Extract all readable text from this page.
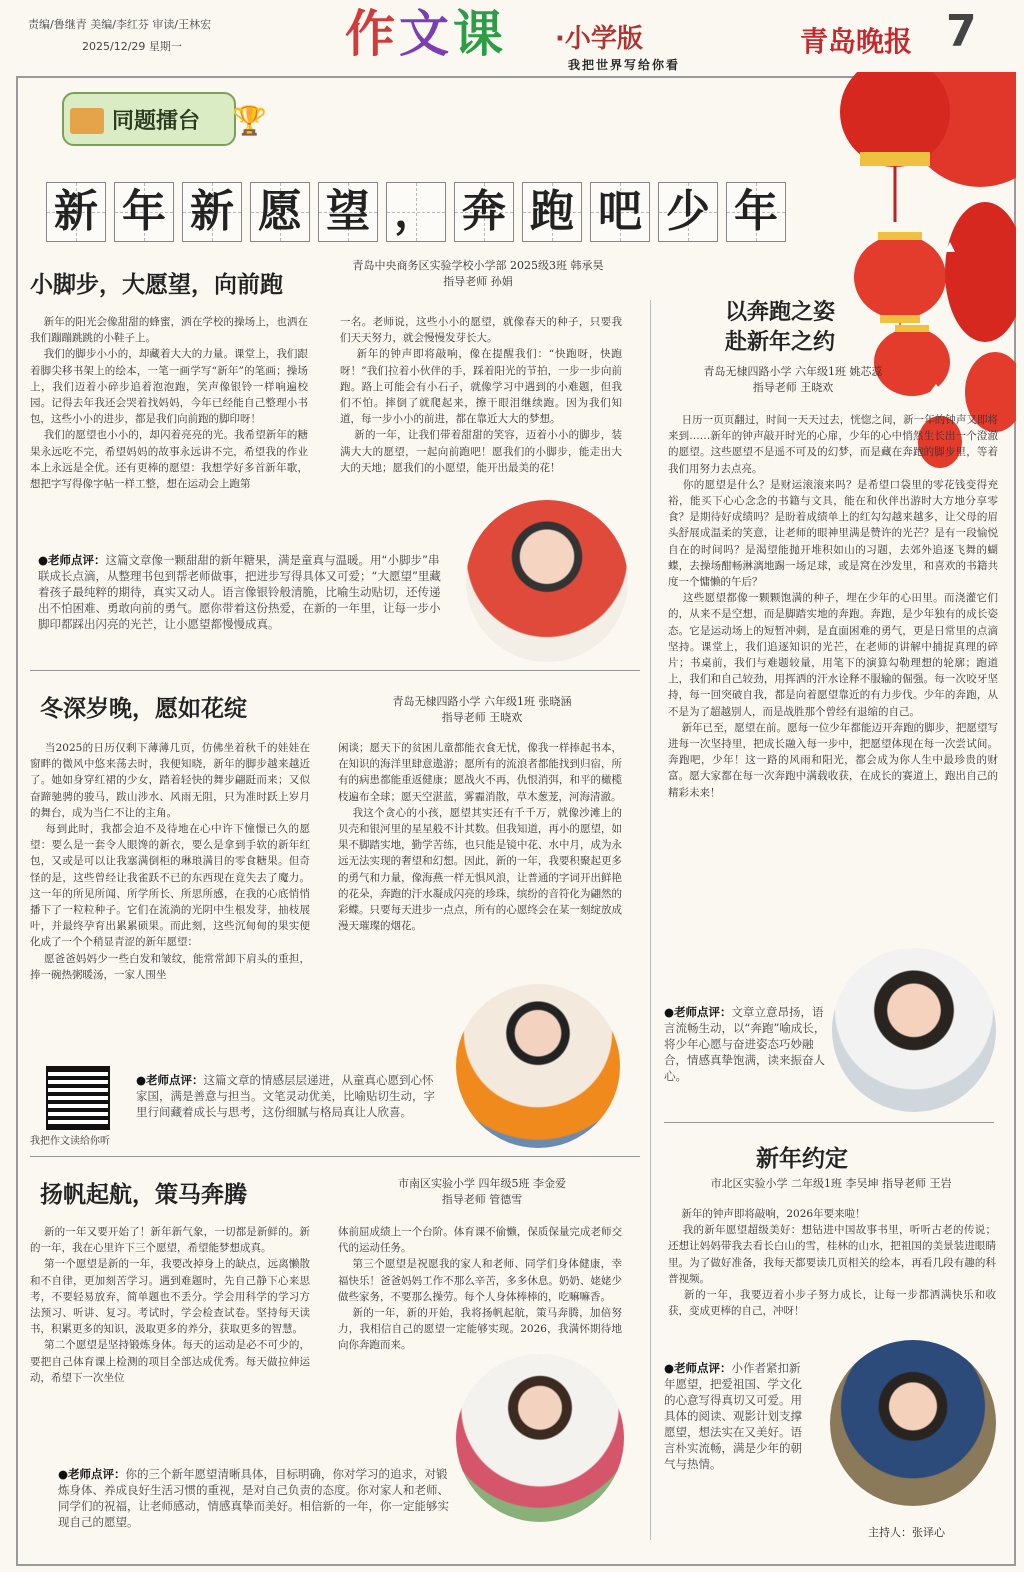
责编/鲁继青 美编/李红芬 审读/王林宏
2025/12/29 星期一	作文课 ·小学版
我把世界写给你看
青岛晚报 7
同题擂台 🏆
新 年 新 愿 望 ， 奔 跑 吧 少 年
小脚步，大愿望，向前跑
青岛中央商务区实验学校小学部 2025级3班 韩承昊
指导老师 孙娟
新年的阳光会像甜甜的蜂蜜，洒在学校的操场上，也洒在我们蹦蹦跳跳的小鞋子上。
我们的脚步小小的，却藏着大大的力量。课堂上，我们跟着脚尖移书架上的绘本，一笔一画学写“新年”的笔画；操场上，我们迈着小碎步追着泡泡跑，笑声像银铃一样响遍校园。记得去年我还会哭着找妈妈，今年已经能自己整理小书包，这些小小的进步，都是我们向前跑的脚印呀！
我们的愿望也小小的，却闪着亮亮的光。我希望新年的糖果永远吃不完，希望妈妈的故事永远讲不完，希望我的作业本上永远是全优。还有更棒的愿望：我想学好多首新年歌，想把字写得像字帖一样工整，想在运动会上跑第
一名。老师说，这些小小的愿望，就像春天的种子，只要我们天天努力，就会慢慢发芽长大。
新年的钟声即将敲响，像在提醒我们：“快跑呀，快跑呀！”我们拉着小伙伴的手，踩着阳光的节拍，一步一步向前跑。路上可能会有小石子，就像学习中遇到的小难题，但我们不怕。摔倒了就爬起来，擦干眼泪继续跑。因为我们知道，每一步小小的前进，都在靠近大大的梦想。
新的一年，让我们带着甜甜的笑容，迈着小小的脚步，装满大大的愿望，一起向前跑吧！愿我们的小脚步，能走出大大的天地；愿我们的小愿望，能开出最美的花！
●老师点评：这篇文章像一颗甜甜的新年糖果，满是童真与温暖。用“小脚步”串联成长点滴，从整理书包到帮老师做事，把进步写得具体又可爱；“大愿望”里藏着孩子最纯粹的期待，真实又动人。语言像银铃般清脆，比喻生动贴切，还传递出不怕困难、勇敢向前的勇气。愿你带着这份热爱，在新的一年里，让每一步小脚印都踩出闪亮的光芒，让小愿望都慢慢成真。
冬深岁晚，愿如花绽	青岛无棣四路小学 六年级1班 张晓涵
指导老师 王晓欢
当2025的日历仅剩下薄薄几页，仿佛坐着秋千的娃娃在窗畔的微风中悠来荡去时，我便知晓，新年的脚步越来越近了。她如身穿红裙的少女，踏着轻快的舞步翩跹而来；又似奋蹄驰骋的骏马，跋山涉水、风雨无阻，只为准时跃上岁月的舞台，成为当仁不让的主角。
每到此时，我都会迫不及待地在心中许下憧憬已久的愿望：要么是一套令人眼馋的新衣，要么是拿到手软的新年红包，又或是可以让我塞满倒柜的琳琅满目的零食糖果。但奇怪的是，这些曾经让我雀跃不已的东西现在竟失去了魔力。这一年的所见所闻、所学所长、所思所感，在我的心底悄悄播下了一粒粒种子。它们在流淌的光阴中生根发芽，抽枝展叶，并最终孕育出累累硕果。而此刻，这些沉甸甸的果实便化成了一个个稍显青涩的新年愿望：
愿爸爸妈妈少一些白发和皱纹，能常常卸下肩头的重担，捧一碗热粥暖汤，一家人围坐
闲谈；愿天下的贫困儿童都能衣食无忧，像我一样捧起书本，在知识的海洋里肆意遨游；愿所有的流浪者都能找到归宿，所有的病患都能重返健康；愿战火不再，仇恨消弭，和平的橄榄枝遍布全球；愿天空湛蓝，雾霾消散，草木葱茏，河海清澈。
我这个贪心的小孩，愿望其实还有千千万，就像沙滩上的贝壳和银河里的星星般不计其数。但我知道，再小的愿望，如果不脚踏实地，勤学苦练，也只能是镜中花、水中月，成为永远无法实现的奢望和幻想。因此，新的一年，我要积聚起更多的勇气和力量，像海燕一样无惧风浪，让普通的字词开出鲜艳的花朵，奔跑的汗水凝成闪亮的珍珠，缤纷的音符化为翩然的彩蝶。只要每天进步一点点，所有的心愿终会在某一刻绽放成漫天璀璨的烟花。
我把作文读给你听
●老师点评：这篇文章的情感层层递进，从童真心愿到心怀家国，满是善意与担当。文笔灵动优美，比喻贴切生动，字里行间藏着成长与思考，这份细腻与格局真让人欣喜。
扬帆起航，策马奔腾	市南区实验小学 四年级5班 李金爱
指导老师 管德雪
新的一年又要开始了！新年新气象，一切都是新鲜的。新的一年，我在心里许下三个愿望，希望能梦想成真。
第一个愿望是新的一年，我要改掉身上的缺点，远离懒散和不自律，更加刻苦学习。遇到难题时，先自己静下心来思考，不要轻易放弃，简单题也不丢分。学会用科学的学习方法预习、听讲、复习。考试时，学会检查试卷。坚持每天读书，积累更多的知识，汲取更多的养分，获取更多的智慧。
第二个愿望是坚持锻炼身体。每天的运动是必不可少的，要把自己体育课上检测的项目全部达成优秀。每天做拉伸运动，希望下一次坐位
体前屈成绩上一个台阶。体育课不偷懒，保质保量完成老师交代的运动任务。
第三个愿望是祝愿我的家人和老师、同学们身体健康，幸福快乐！爸爸妈妈工作不那么辛苦，多多休息。奶奶、姥姥少做些家务，不要那么操劳。每个人身体棒棒的，吃嘛嘛香。
新的一年，新的开始，我将扬帆起航，策马奔腾，加倍努力，我相信自己的愿望一定能够实现。2026，我满怀期待地向你奔跑而来。
●老师点评：你的三个新年愿望清晰具体，目标明确，你对学习的追求，对锻炼身体、养成良好生活习惯的重视，是对自己负责的态度。你对家人和老师、同学们的祝福，让老师感动，情感真挚而美好。相信新的一年，你一定能够实现自己的愿望。
以奔跑之姿
赴新年之约
青岛无棣四路小学 六年级1班 姚芯蕊
指导老师 王晓欢
日历一页页翻过，时间一天天过去，恍惚之间，新一年的钟声又即将来到……新年的钟声敲开时光的心扉，少年的心中悄然生长出一个澄澈的愿望。这些愿望不是遥不可及的幻梦，而是藏在奔跑的脚步里，等着我们用努力去点亮。
你的愿望是什么？是财运滚滚来吗？是希望口袋里的零花钱变得充裕，能买下心心念念的书籍与文具，能在和伙伴出游时大方地分享零食？是期待好成绩吗？是盼着成绩单上的红勾勾越来越多，让父母的眉头舒展成温柔的笑意，让老师的眼神里满是赞许的光芒？是有一段愉悦自在的时间吗？是渴望能抛开堆积如山的习题，去郊外追逐飞舞的蝴蝶，去操场酣畅淋漓地踢一场足球，或是窝在沙发里，和喜欢的书籍共度一个慵懒的午后？
这些愿望都像一颗颗饱满的种子，埋在少年的心田里。而浇灌它们的，从来不是空想，而是脚踏实地的奔跑。奔跑，是少年独有的成长姿态。它是运动场上的短暂冲刺，是直面困难的勇气，更是日常里的点滴坚持。课堂上，我们追逐知识的光芒，在老师的讲解中捕捉真理的碎片；书桌前，我们与难题较量，用笔下的演算勾勒理想的轮廓；跑道上，我们和自己较劲，用挥洒的汗水诠释不服输的倔强。每一次咬牙坚持，每一回突破自我，都是向着愿望靠近的有力步伐。少年的奔跑，从不是为了超越别人，而是战胜那个曾经有退缩的自己。
新年已至，愿望在前。愿每一位少年都能迈开奔跑的脚步，把愿望写进每一次坚持里，把成长融入每一步中，把愿望体现在每一次尝试间。奔跑吧，少年！这一路的风雨和阳光，都会成为你人生中最珍贵的财富。愿大家都在每一次奔跑中满载收获，在成长的赛道上，跑出自己的精彩未来！
●老师点评：文章立意昂扬，语言流畅生动，以“奔跑”喻成长，将少年心愿与奋进姿态巧妙融合，情感真挚饱满，读来振奋人心。
新年约定
市北区实验小学 二年级1班 李吴坤 指导老师 王岩
新年的钟声即将敲响，2026年要来啦！
我的新年愿望超级美好：想钻进中国故事书里，听听古老的传说；还想让妈妈带我去看长白山的雪，桂林的山水，把祖国的美景装进眼睛里。为了做好准备，我每天都要读几页相关的绘本，再看几段有趣的科普视频。
新的一年，我要迈着小步子努力成长，让每一步都洒满快乐和收获，变成更棒的自己，冲呀！
●老师点评：小作者紧扣新年愿望，把爱祖国、学文化的心意写得真切又可爱。用具体的阅读、观影计划支撑愿望，想法实在又美好。语言朴实流畅，满是少年的朝气与热情。
主持人：张译心
